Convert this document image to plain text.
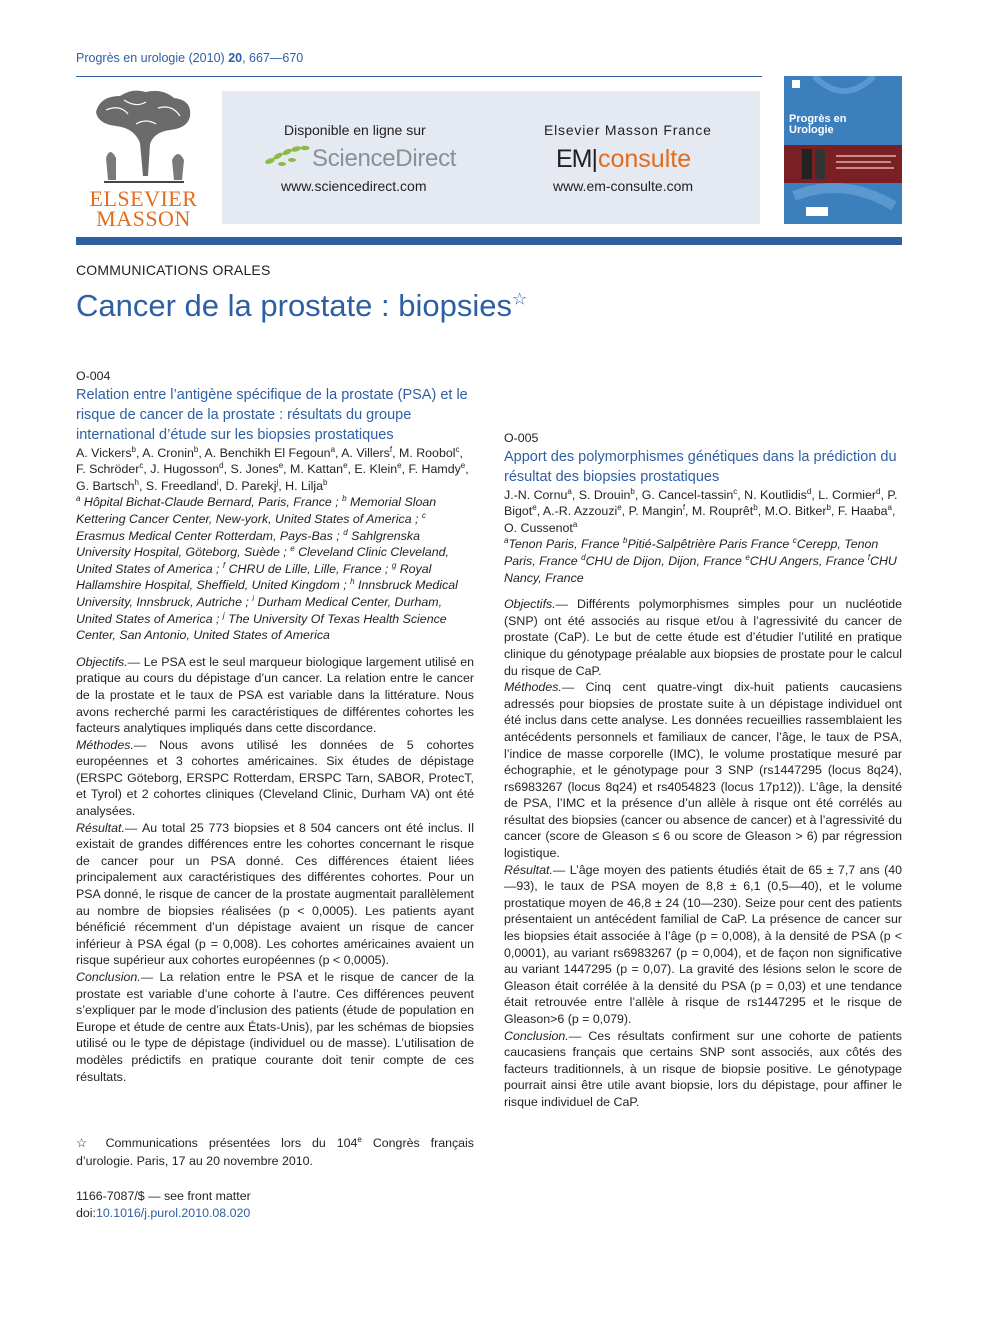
Progrès en urologie (2010) 20, 667—670
ELSEVIER
MASSON
Disponible en ligne sur
ScienceDirect
www.sciencedirect.com
Elsevier Masson France
EM|consulte
www.em-consulte.com
Progrès en
Urologie
COMMUNICATIONS ORALES
Cancer de la prostate : biopsies☆
O-004
Relation entre l’antigène spécifique de la prostate (PSA) et le risque de cancer de la prostate : résultats du groupe international d’étude sur les biopsies prostatiques
A. Vickers$^b$, A. Cronin$^b$, A. Benchikh El Fegoun$^a$, A. Villers$^f$, M. Roobol$^c$, F. Schröder$^c$, J. Hugosson$^d$, S. Jones$^e$, M. Kattan$^e$, E. Klein$^e$, F. Hamdy$^e$, G. Bartsch$^h$, S. Freedland$^i$, D. Parekj$^j$, H. Lilja$^b$
$^a$ Hôpital Bichat-Claude Bernard, Paris, France ; $^b$ Memorial Sloan Kettering Cancer Center, New-york, United States of America ; $^c$ Erasmus Medical Center Rotterdam, Pays-Bas ; $^d$ Sahlgrenska University Hospital, Göteborg, Suède ; $^e$ Cleveland Clinic Cleveland, United States of America ; $^f$ CHRU de Lille, Lille, France ; $^g$ Royal Hallamshire Hospital, Sheffield, United Kingdom ; $^h$ Innsbruck Medical University, Innsbruck, Autriche ; $^i$ Durham Medical Center, Durham, United States of America ; $^j$ The University Of Texas Health Science Center, San Antonio, United States of America

Objectifs.— Le PSA est le seul marqueur biologique largement utilisé en pratique au cours du dépistage d’un cancer. La relation entre le cancer de la prostate et le taux de PSA est variable dans la littérature. Nous avons recherché parmi les caractéristiques de différentes cohortes les facteurs analytiques impliqués dans cette discordance.

Méthodes.— Nous avons utilisé les données de 5 cohortes européennes et 3 cohortes américaines. Six études de dépistage (ERSPC Göteborg, ERSPC Rotterdam, ERSPC Tarn, SABOR, ProtecT, et Tyrol) et 2 cohortes cliniques (Cleveland Clinic, Durham VA) ont été analysées.

Résultat.— Au total 25 773 biopsies et 8 504 cancers ont été inclus. Il existait de grandes différences entre les cohortes concernant le risque de cancer pour un PSA donné. Ces différences étaient liées principalement aux caractéristiques des différentes cohortes. Pour un PSA donné, le risque de cancer de la prostate augmentait parallèlement au nombre de biopsies réalisées (p < 0,0005). Les patients ayant bénéficié récemment d’un dépistage avaient un risque de cancer inférieur à PSA égal (p = 0,008). Les cohortes américaines avaient un risque supérieur aux cohortes européennes (p < 0,0005).

Conclusion.— La relation entre le PSA et le risque de cancer de la prostate est variable d’une cohorte à l’autre. Ces différences peuvent s’expliquer par le mode d’inclusion des patients (étude de population en Europe et étude de centre aux États-Unis), par les schémas de biopsies utilisé ou le type de dépistage (individuel ou de masse). L’utilisation de modèles prédictifs en pratique courante doit tenir compte de ces résultats.

O-005
Apport des polymorphismes génétiques dans la prédiction du résultat des biopsies prostatiques
J.-N. Cornu$^a$, S. Drouin$^b$, G. Cancel-tassin$^c$, N. Koutlidis$^d$, L. Cormier$^d$, P. Bigot$^e$, A.-R. Azzouzi$^e$, P. Mangin$^f$, M. Rouprêt$^b$, M.O. Bitker$^b$, F. Haaba$^a$, O. Cussenot$^a$
$^a$Tenon Paris, France $^b$Pitié-Salpêtrière Paris France $^c$Cerepp, Tenon Paris, France $^d$CHU de Dijon, Dijon, France $^e$CHU Angers, France $^f$CHU Nancy, France

Objectifs.— Différents polymorphismes simples pour un nucléotide (SNP) ont été associés au risque et/ou à l’agressivité du cancer de prostate (CaP). Le but de cette étude est d’étudier l’utilité en pratique clinique du génotypage préalable aux biopsies de prostate pour le calcul du risque de CaP.

Méthodes.— Cinq cent quatre-vingt dix-huit patients caucasiens adressés pour biopsies de prostate suite à un dépistage individuel ont été inclus dans cette analyse. Les données recueillies rassemblaient les antécédents personnels et familiaux de cancer, l’âge, le taux de PSA, l’indice de masse corporelle (IMC), le volume prostatique mesuré par échographie, et le génotypage pour 3 SNP (rs1447295 (locus 8q24), rs6983267 (locus 8q24) et rs4054823 (locus 17p12)). L’âge, la densité de PSA, l’IMC et la présence d’un allèle à risque ont été corrélés au résultat des biopsies (cancer ou absence de cancer) et à l’agressivité du cancer (score de Gleason ≤ 6 ou score de Gleason > 6) par régression logistique.

Résultat.— L’âge moyen des patients étudiés était de 65 ± 7,7 ans (40—93), le taux de PSA moyen de 8,8 ± 6,1 (0,5—40), et le volume prostatique moyen de 46,8 ± 24 (10—230). Seize pour cent des patients présentaient un antécédent familial de CaP. La présence de cancer sur les biopsies était associée à l’âge (p = 0,008), à la densité de PSA (p < 0,0001), au variant rs6983267 (p = 0,004), et de façon non significative au variant 1447295 (p = 0,07). La gravité des lésions selon le score de Gleason était corrélée à la densité du PSA (p = 0,03) et une tendance était retrouvée entre l’allèle à risque de rs1447295 et le risque de Gleason>6 (p = 0,079).

Conclusion.— Ces résultats confirment sur une cohorte de patients caucasiens français que certains SNP sont associés, aux côtés des facteurs traditionnels, à un risque de biopsie positive. Le génotypage pourrait ainsi être utile avant biopsie, lors du dépistage, pour affiner le risque individuel de CaP.

☆ Communications présentées lors du 104e Congrès français d’urologie. Paris, 17 au 20 novembre 2010.
1166-7087/$ — see front matter
doi:10.1016/j.purol.2010.08.020
